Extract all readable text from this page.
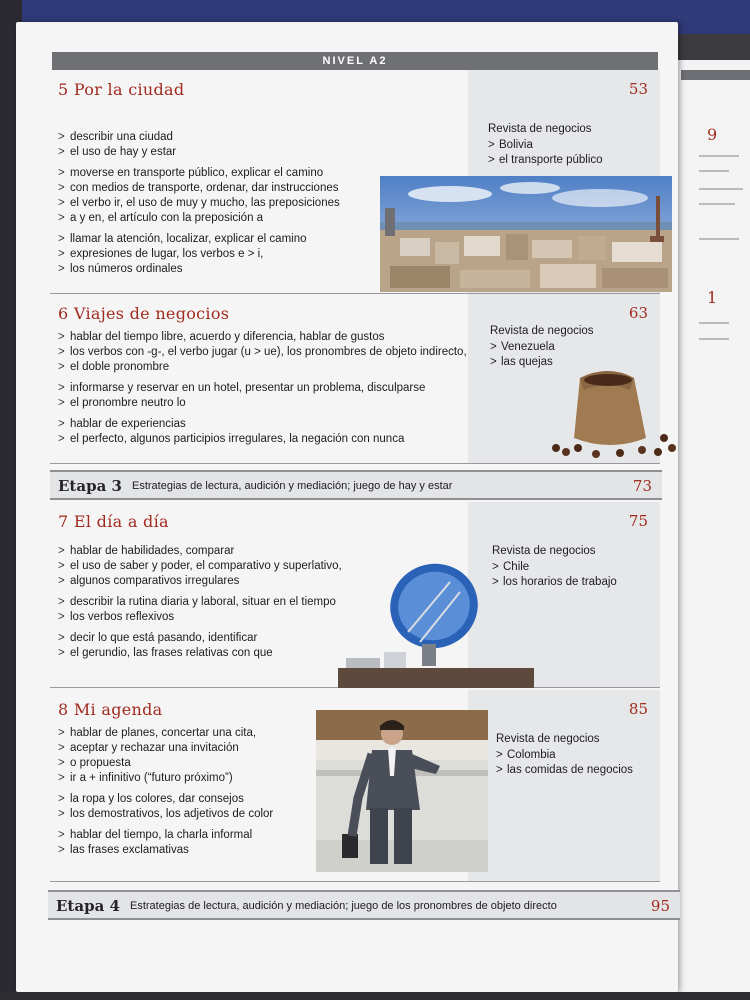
9
1
NIVEL A2
5 Por la ciudad	53
> describir una ciudad
> el uso de hay y estar
> moverse en transporte público, explicar el camino
> con medios de transporte, ordenar, dar instrucciones
> el verbo ir, el uso de muy y mucho, las preposiciones
> a y en, el artículo con la preposición a
> llamar la atención, localizar, explicar el camino
> expresiones de lugar, los verbos e > i,
> los números ordinales
Revista de negocios
> Bolivia
> el transporte público
6 Viajes de negocios	63
> hablar del tiempo libre, acuerdo y diferencia, hablar de gustos
> los verbos con -g-, el verbo jugar (u > ue), los pronombres de objeto indirecto,
> el doble pronombre
> informarse y reservar en un hotel, presentar un problema, disculparse
> el pronombre neutro lo
> hablar de experiencias
> el perfecto, algunos participios irregulares, la negación con nunca
Revista de negocios
> Venezuela
> las quejas
Etapa 3 Estrategias de lectura, audición y mediación; juego de hay y estar	73
7 El día a día	75
> hablar de habilidades, comparar
> el uso de saber y poder, el comparativo y superlativo,
> algunos comparativos irregulares
> describir la rutina diaria y laboral, situar en el tiempo
> los verbos reflexivos
> decir lo que está pasando, identificar
> el gerundio, las frases relativas con que
Revista de negocios
> Chile
> los horarios de trabajo
8 Mi agenda	85
> hablar de planes, concertar una cita,
> aceptar y rechazar una invitación
> o propuesta
> ir a + infinitivo (“futuro próximo”)
> la ropa y los colores, dar consejos
> los demostrativos, los adjetivos de color
> hablar del tiempo, la charla informal
> las frases exclamativas
Revista de negocios
> Colombia
> las comidas de negocios
Etapa 4 Estrategias de lectura, audición y mediación; juego de los pronombres de objeto directo	95
